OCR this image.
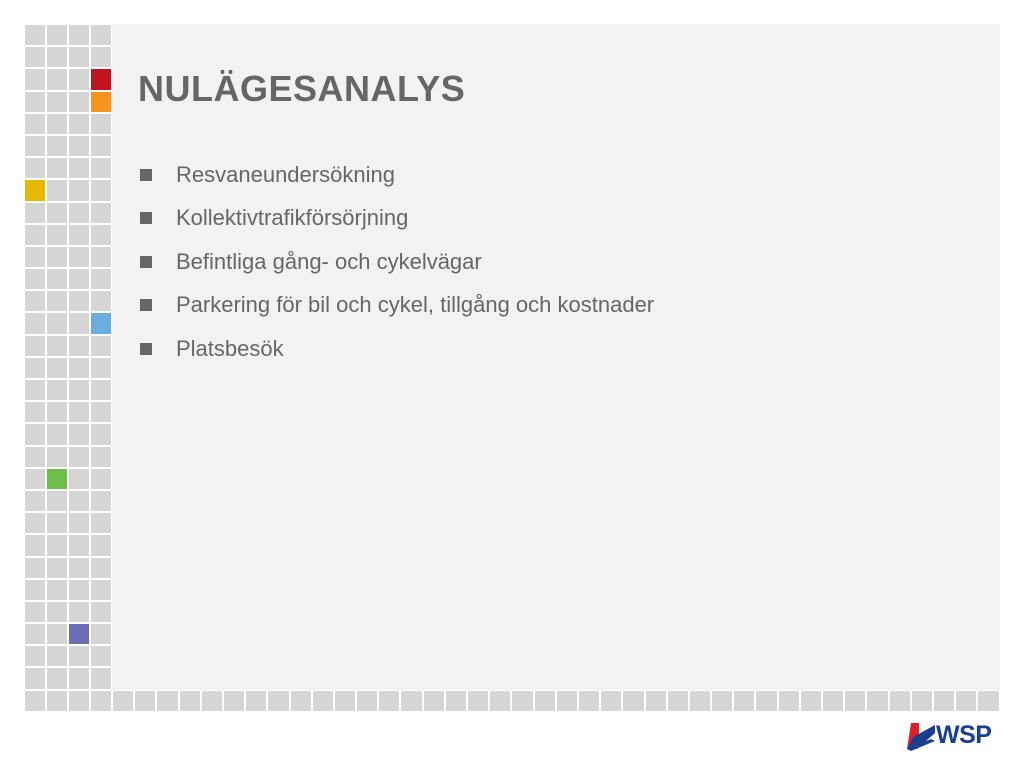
NULÄGESANALYS
Resvaneundersökning
Kollektivtrafikförsörjning
Befintliga gång- och cykelvägar
Parkering för bil och cykel, tillgång och kostnader
Platsbesök
WSP
